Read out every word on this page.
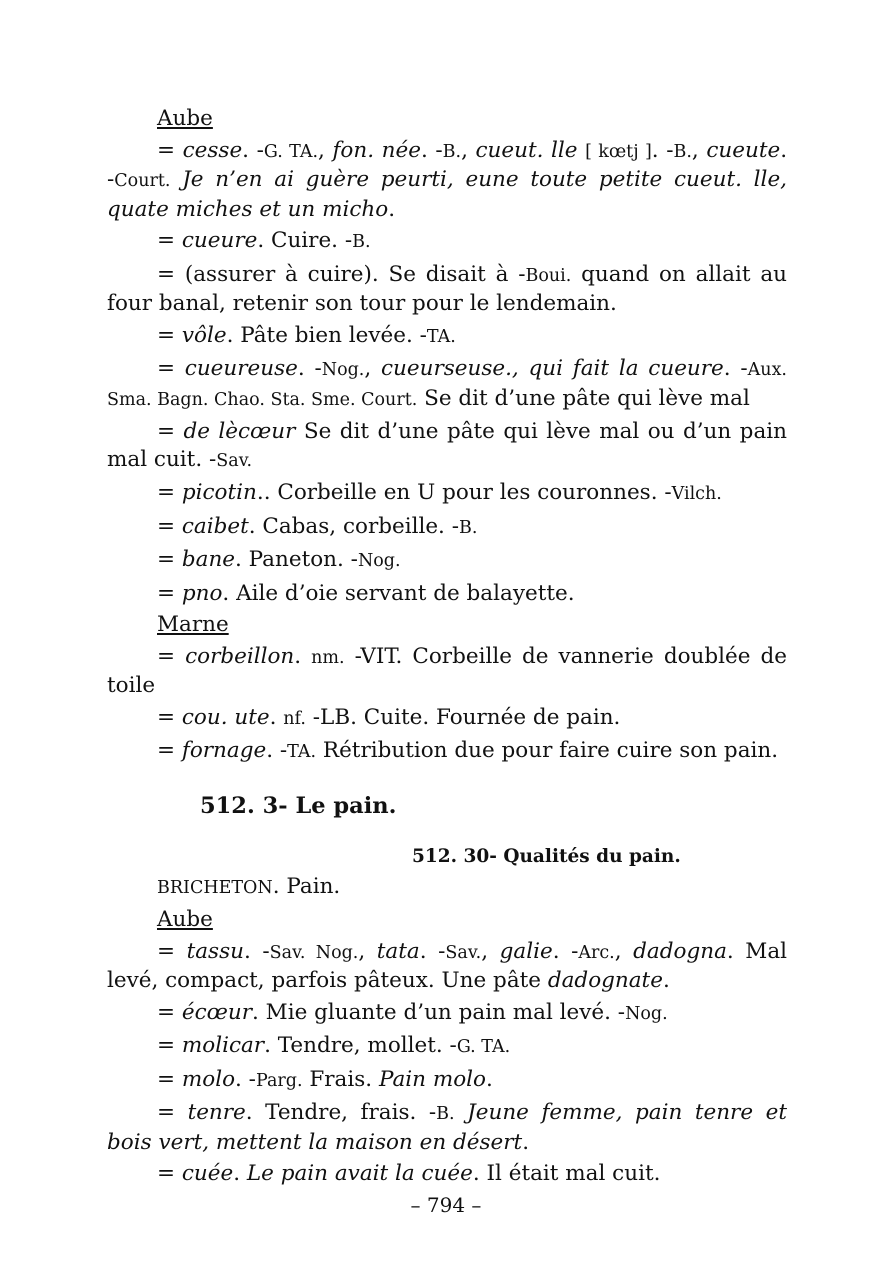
Aube

= cesse. -G. TA., fon. née. -B., cueut. lle [ kœtj ]. -B., cueute. -Court. Je n’en ai guère peurti, eune toute petite cueut. lle, quate miches et un micho.

= cueure. Cuire. -B.

= (assurer à cuire). Se disait à -Boui. quand on allait au four banal, retenir son tour pour le lendemain.

= vôle. Pâte bien levée. -TA.

= cueureuse. -Nog., cueurseuse., qui fait la cueure. -Aux. Sma. Bagn. Chao. Sta. Sme. Court. Se dit d’une pâte qui lève mal

= de lècœur Se dit d’une pâte qui lève mal ou d’un pain mal cuit. -Sav.

= picotin.. Corbeille en U pour les couronnes. -Vilch.

= caibet. Cabas, corbeille. -B.

= bane. Paneton. -Nog.

= pno. Aile d’oie servant de balayette.

Marne

= corbeillon. nm. -VIT. Corbeille de vannerie doublée de toile

= cou. ute. nf. -LB. Cuite. Fournée de pain.

= fornage. -TA. Rétribution due pour faire cuire son pain.

512. 3- Le pain.
512. 30- Qualités du pain.

BRICHETON. Pain.

Aube

= tassu. -Sav. Nog., tata. -Sav., galie. -Arc., dadogna. Mal levé, compact, parfois pâteux. Une pâte dadognate.

= écœur. Mie gluante d’un pain mal levé. -Nog.

= molicar. Tendre, mollet. -G. TA.

= molo. -Parg. Frais. Pain molo.

= tenre. Tendre, frais. -B. Jeune femme, pain tenre et bois vert, mettent la maison en désert.

= cuée. Le pain avait la cuée. Il était mal cuit.

– 794 –
